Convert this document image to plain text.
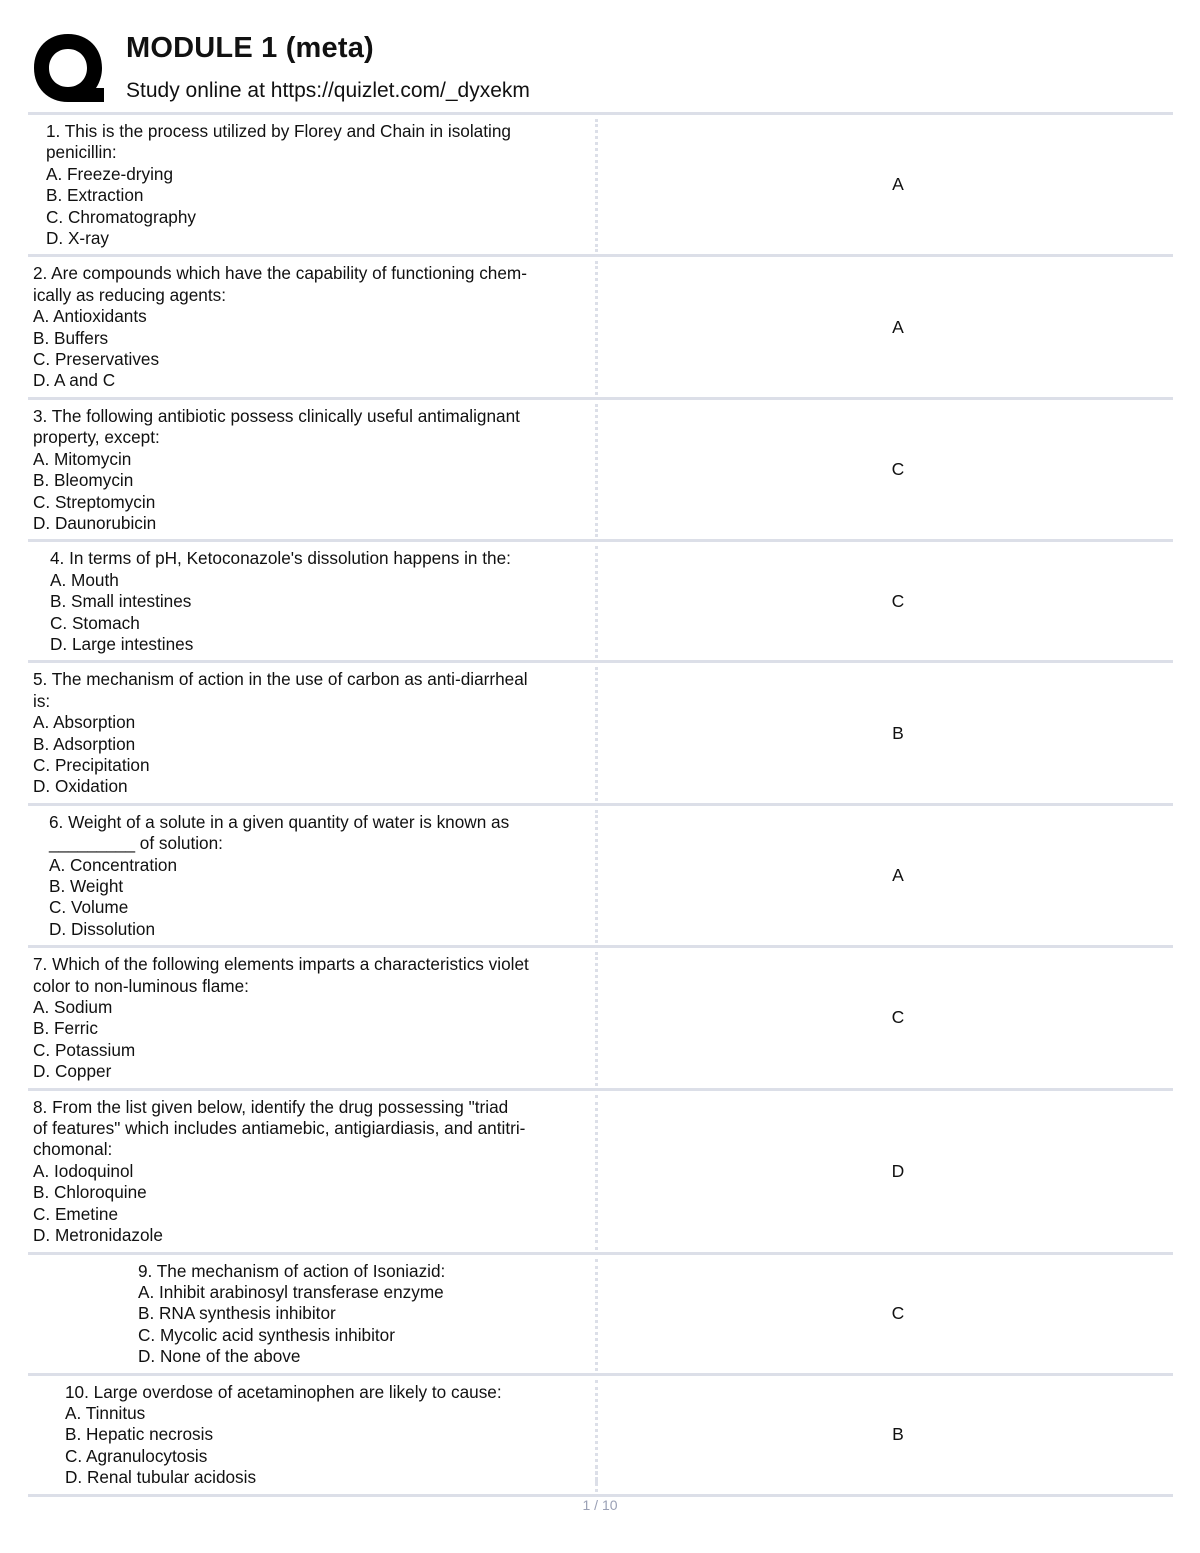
MODULE 1 (meta)
Study online at https://quizlet.com/_dyxekm
1. This is the process utilized by Florey and Chain in isolating
penicillin:
A. Freeze-drying
B. Extraction
C. Chromatography
D. X-ray
A
2. Are compounds which have the capability of functioning chem-
ically as reducing agents:
A. Antioxidants
B. Buffers
C. Preservatives
D. A and C
A
3. The following antibiotic possess clinically useful antimalignant
property, except:
A. Mitomycin
B. Bleomycin
C. Streptomycin
D. Daunorubicin
C
4. In terms of pH, Ketoconazole's dissolution happens in the:
A. Mouth
B. Small intestines
C. Stomach
D. Large intestines
C
5. The mechanism of action in the use of carbon as anti-diarrheal
is:
A. Absorption
B. Adsorption
C. Precipitation
D. Oxidation
B
6. Weight of a solute in a given quantity of water is known as
_________ of solution:
A. Concentration
B. Weight
C. Volume
D. Dissolution
A
7. Which of the following elements imparts a characteristics violet
color to non-luminous flame:
A. Sodium
B. Ferric
C. Potassium
D. Copper
C
8. From the list given below, identify the drug possessing "triad
of features" which includes antiamebic, antigiardiasis, and antitri-
chomonal:
A. Iodoquinol
B. Chloroquine
C. Emetine
D. Metronidazole
D
9. The mechanism of action of Isoniazid:
A. Inhibit arabinosyl transferase enzyme
B. RNA synthesis inhibitor
C. Mycolic acid synthesis inhibitor
D. None of the above
C
10. Large overdose of acetaminophen are likely to cause:
A. Tinnitus
B. Hepatic necrosis
C. Agranulocytosis
D. Renal tubular acidosis
B
1 / 10
